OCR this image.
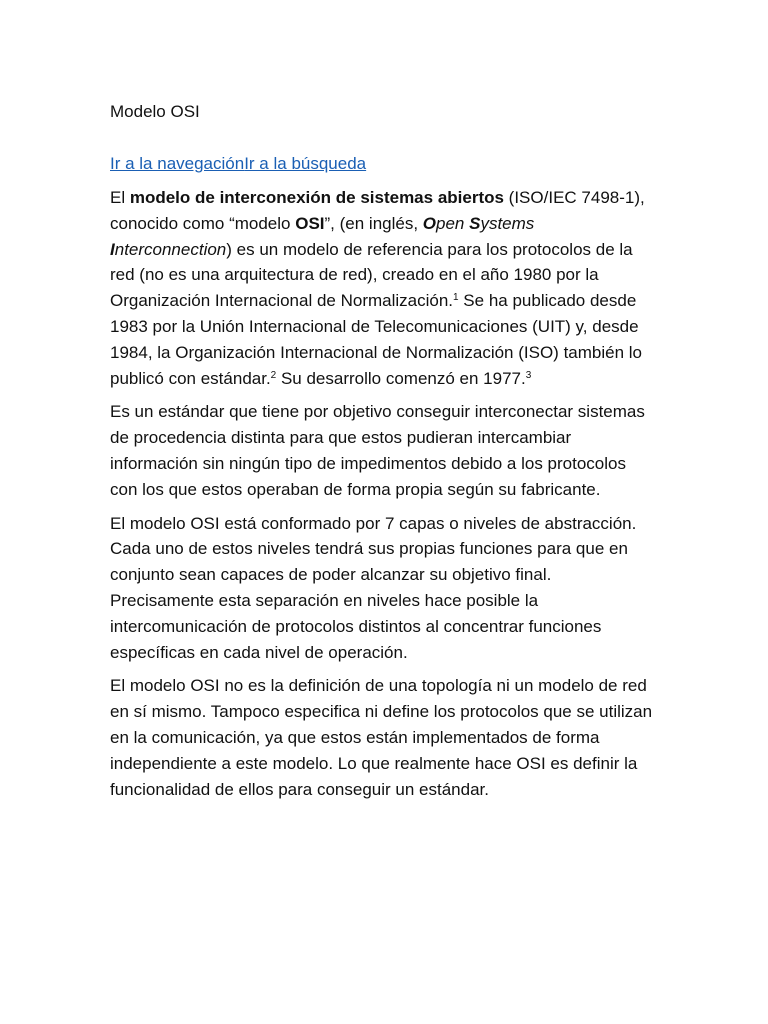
Modelo OSI
Ir a la navegaciónIr a la búsqueda

El modelo de interconexión de sistemas abiertos (ISO/IEC 7498-1), conocido como “modelo OSI”, (en inglés, Open Systems Interconnection) es un modelo de referencia para los protocolos de la red (no es una arquitectura de red), creado en el año 1980 por la Organización Internacional de Normalización.$^1$ Se ha publicado desde 1983 por la Unión Internacional de Telecomunicaciones (UIT) y, desde 1984, la Organización Internacional de Normalización (ISO) también lo publicó con estándar.$^2$ Su desarrollo comenzó en 1977.$^3$

Es un estándar que tiene por objetivo conseguir interconectar sistemas de procedencia distinta para que estos pudieran intercambiar información sin ningún tipo de impedimentos debido a los protocolos con los que estos operaban de forma propia según su fabricante.

El modelo OSI está conformado por 7 capas o niveles de abstracción. Cada uno de estos niveles tendrá sus propias funciones para que en conjunto sean capaces de poder alcanzar su objetivo final. Precisamente esta separación en niveles hace posible la intercomunicación de protocolos distintos al concentrar funciones específicas en cada nivel de operación.

El modelo OSI no es la definición de una topología ni un modelo de red en sí mismo. Tampoco especifica ni define los protocolos que se utilizan en la comunicación, ya que estos están implementados de forma independiente a este modelo. Lo que realmente hace OSI es definir la funcionalidad de ellos para conseguir un estándar.
